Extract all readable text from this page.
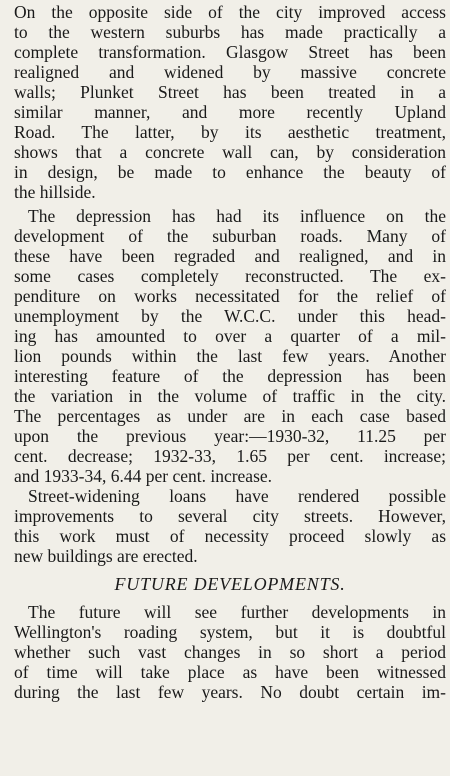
On the opposite side of the city improved access
to the western suburbs has made practically a
complete transformation. Glasgow Street has been
realigned and widened by massive concrete
walls; Plunket Street has been treated in a
similar manner, and more recently Upland
Road. The latter, by its aesthetic treatment,
shows that a concrete wall can, by consideration
in design, be made to enhance the beauty of
the hillside.
The depression has had its influence on the
development of the suburban roads. Many of
these have been regraded and realigned, and in
some cases completely reconstructed. The ex-
penditure on works necessitated for the relief of
unemployment by the W.C.C. under this head-
ing has amounted to over a quarter of a mil-
lion pounds within the last few years. Another
interesting feature of the depression has been
the variation in the volume of traffic in the city.
The percentages as under are in each case based
upon the previous year:—1930-32, 11.25 per
cent. decrease; 1932-33, 1.65 per cent. increase;
and 1933-34, 6.44 per cent. increase.
Street-widening loans have rendered possible
improvements to several city streets. However,
this work must of necessity proceed slowly as
new buildings are erected.
FUTURE DEVELOPMENTS.
The future will see further developments in
Wellington's roading system, but it is doubtful
whether such vast changes in so short a period
of time will take place as have been witnessed
during the last few years. No doubt certain im-
